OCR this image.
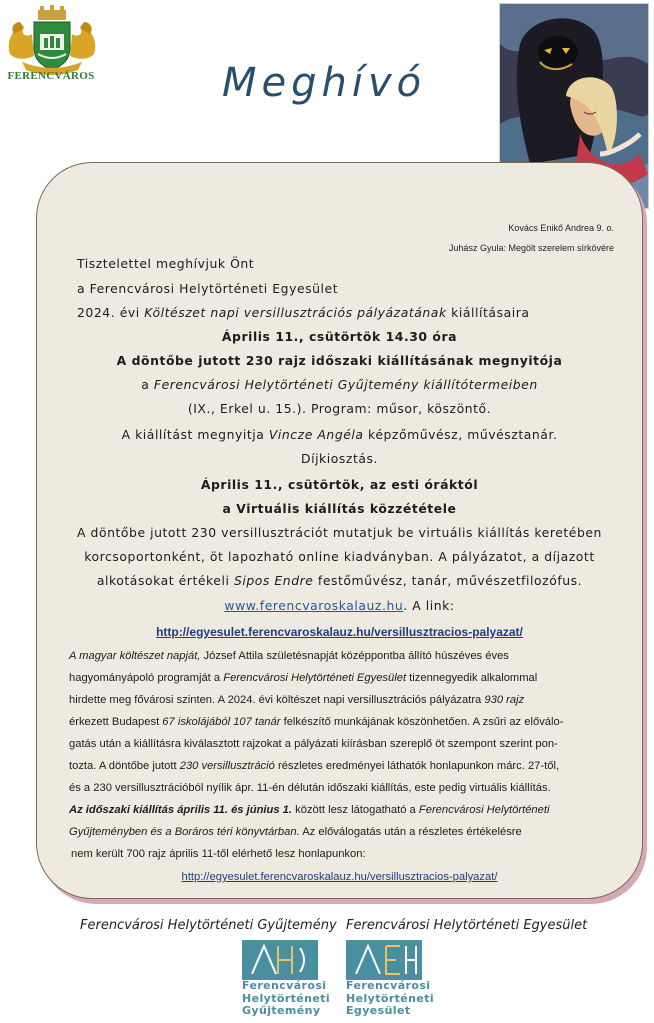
FERENCVÁROS	Meghívó
Kovács Enikő Andrea 9. o.
Juhász Gyula: Megölt szerelem sírkövére
Tisztelettel meghívjuk Önt
a Ferencvárosi Helytörténeti Egyesület
2024. évi Költészet napi versillusztrációs pályázatának kiállításaira
Április 11., csütörtök 14.30 óra
A döntőbe jutott 230 rajz időszaki kiállításának megnyitója
a Ferencvárosi Helytörténeti Gyűjtemény kiállítótermeiben
(IX., Erkel u. 15.). Program: műsor, köszöntő.
A kiállítást megnyitja Vincze Angéla képzőművész, művésztanár.
Díjkiosztás.
Április 11., csütörtök, az esti óráktól
a Virtuális kiállítás közzététele
A döntőbe jutott 230 versillusztrációt mutatjuk be virtuális kiállítás keretében
korcsoportonként, öt lapozható online kiadványban. A pályázatot, a díjazott
alkotásokat értékeli Sipos Endre festőművész, tanár, művészetfilozófus.
www.ferencvaroskalauz.hu. A link:
http://egyesulet.ferencvaroskalauz.hu/versillusztracios-palyazat/
A magyar költészet napját, József Attila születésnapját középpontba állító húszéves éves
hagyományápoló programját a Ferencvárosi Helytörténeti Egyesület tizennegyedik alkalommal
hirdette meg fővárosi szinten. A 2024. évi költészet napi versillusztrációs pályázatra 930 rajz
érkezett Budapest 67 iskolájából 107 tanár felkészítő munkájának köszönhetően. A zsűri az előválo-
gatás után a kiállításra kiválasztott rajzokat a pályázati kiírásban szereplő öt szempont szerint pon-
tozta. A döntőbe jutott 230 versillusztráció részletes eredményei láthatók honlapunkon márc. 27-től,
és a 230 versillusztrációból nyílik ápr. 11-én délután időszaki kiállítás, este pedig virtuális kiállítás.
Az időszaki kiállítás április 11. és június 1. között lesz látogatható a Ferencvárosi Helytörténeti
Gyűjteményben és a Boráros téri könyvtárban. Az előválogatás után a részletes értékelésre
nem került 700 rajz április 11-től elérhető lesz honlapunkon:
http://egyesulet.ferencvaroskalauz.hu/versillusztracios-palyazat/
Ferencvárosi Helytörténeti Gyűjtemény Ferencvárosi Helytörténeti Egyesület
Ferencvárosi
Helytörténeti
Gyűjtemény
Ferencvárosi
Helytörténeti
Egyesület
